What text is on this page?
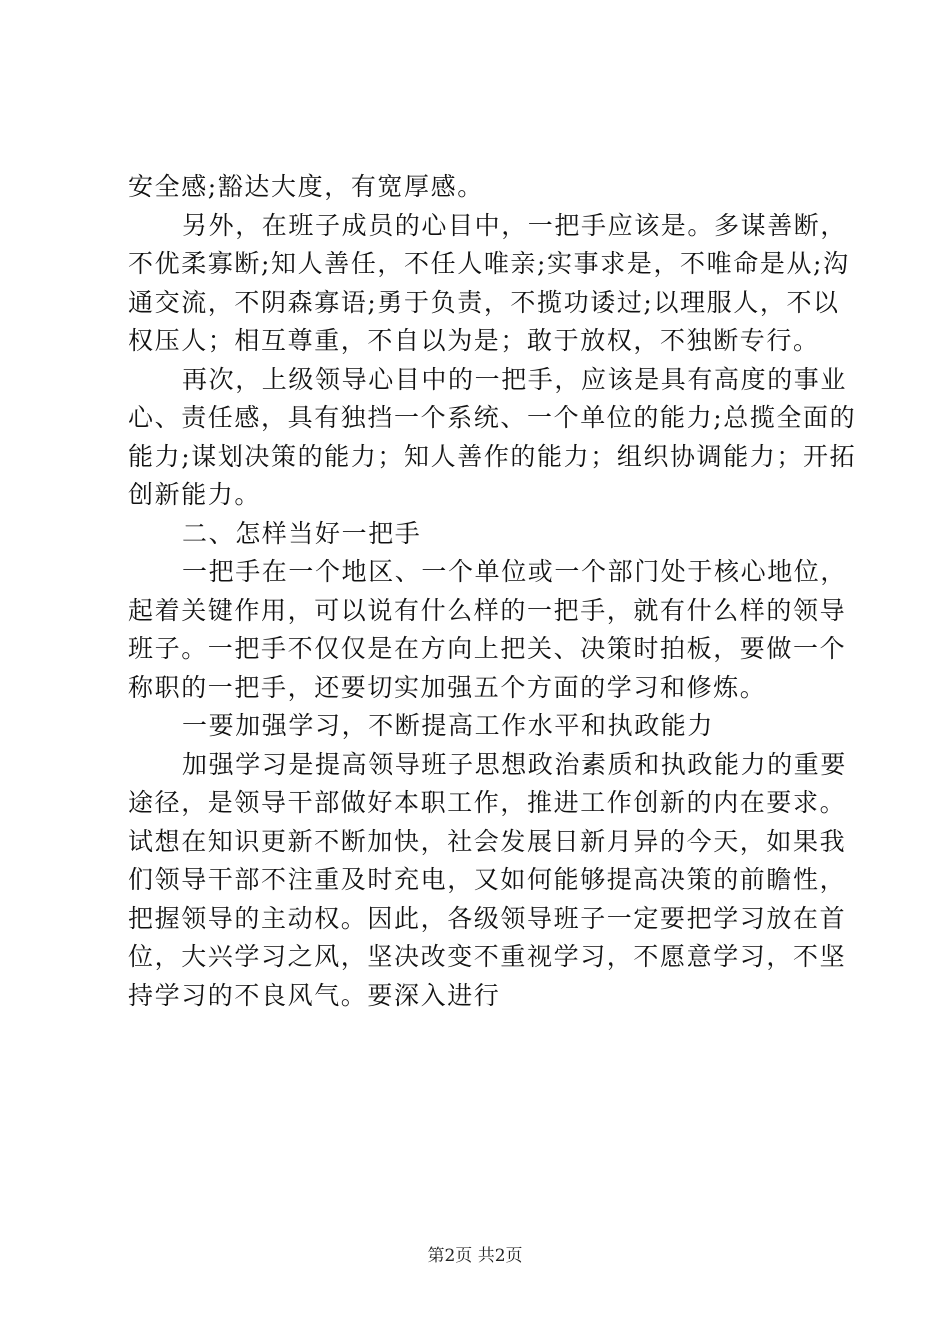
安全感;豁达大度，有宽厚感。
另外，在班子成员的心目中，一把手应该是。多谋善断，
不优柔寡断;知人善任，不任人唯亲;实事求是，不唯命是从;沟
通交流，不阴森寡语;勇于负责，不揽功诿过;以理服人，不以
权压人；相互尊重，不自以为是；敢于放权，不独断专行。
再次，上级领导心目中的一把手，应该是具有高度的事业
心、责任感，具有独挡一个系统、一个单位的能力;总揽全面的
能力;谋划决策的能力；知人善作的能力；组织协调能力；开拓
创新能力。
二、怎样当好一把手
一把手在一个地区、一个单位或一个部门处于核心地位，
起着关键作用，可以说有什么样的一把手，就有什么样的领导
班子。一把手不仅仅是在方向上把关、决策时拍板，要做一个
称职的一把手，还要切实加强五个方面的学习和修炼。
一要加强学习，不断提高工作水平和执政能力
加强学习是提高领导班子思想政治素质和执政能力的重要
途径，是领导干部做好本职工作，推进工作创新的内在要求。
试想在知识更新不断加快，社会发展日新月异的今天，如果我
们领导干部不注重及时充电，又如何能够提高决策的前瞻性，
把握领导的主动权。因此，各级领导班子一定要把学习放在首
位，大兴学习之风，坚决改变不重视学习，不愿意学习，不坚
持学习的不良风气。要深入进行
第2页 共2页
